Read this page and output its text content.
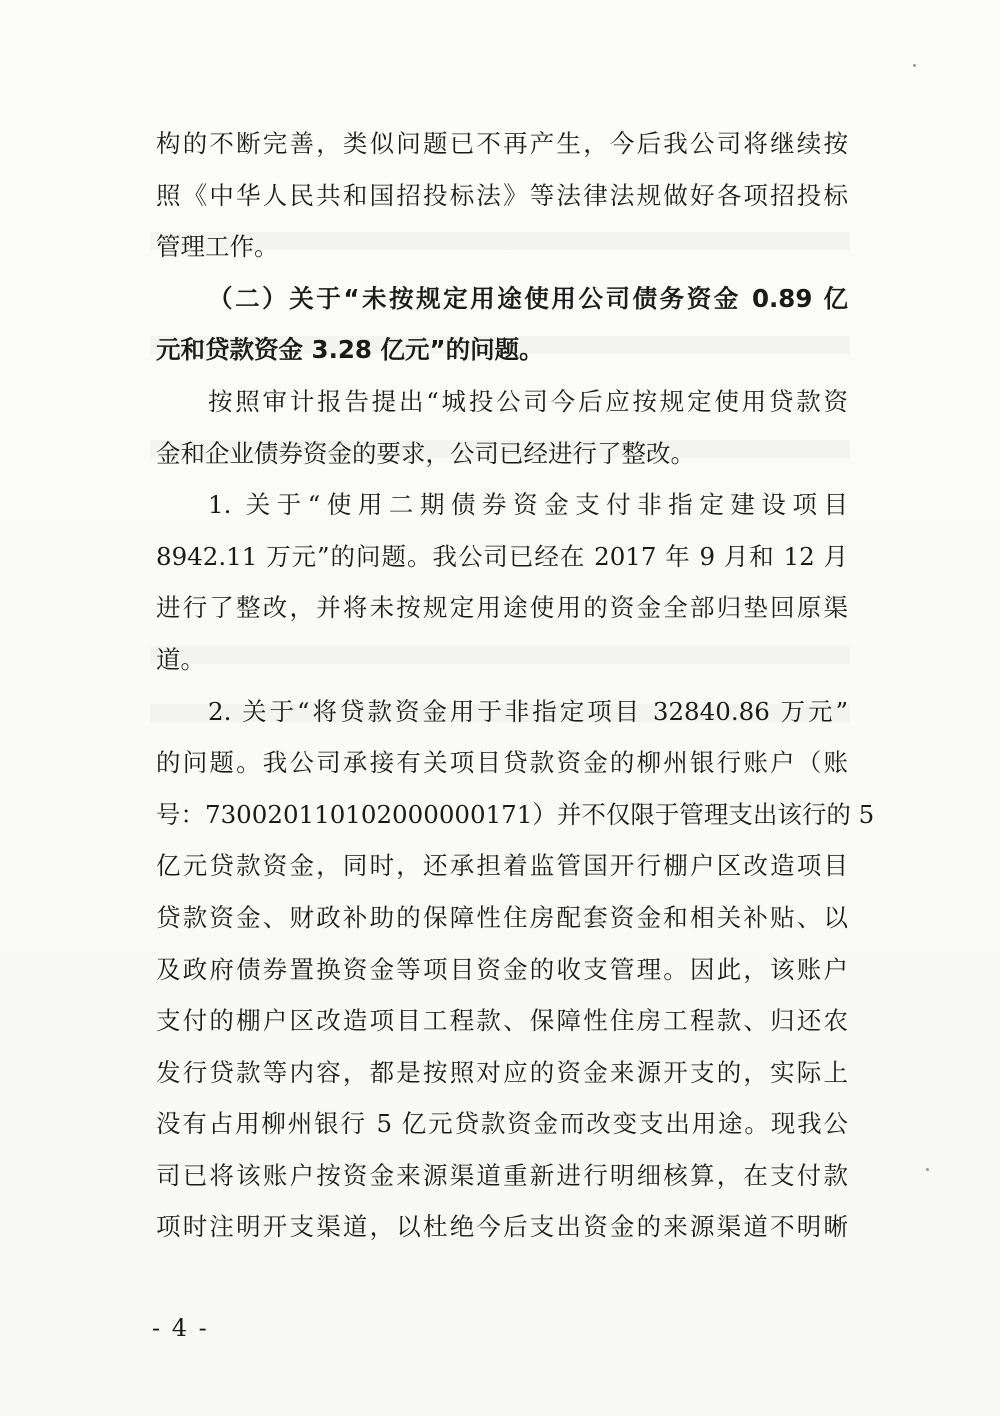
构的不断完善，类似问题已不再产生，今后我公司将继续按
照《中华人民共和国招投标法》等法律法规做好各项招投标
管理工作。
（二）关于“未按规定用途使用公司债务资金 0.89 亿
元和贷款资金 3.28 亿元”的问题。
按照审计报告提出“城投公司今后应按规定使用贷款资
金和企业债券资金的要求，公司已经进行了整改。
1. 关于“使用二期债券资金支付非指定建设项目
8942.11 万元”的问题。我公司已经在 2017 年 9 月和 12 月
进行了整改，并将未按规定用途使用的资金全部归垫回原渠
道。
2. 关于“将贷款资金用于非指定项目 32840.86 万元”
的问题。我公司承接有关项目贷款资金的柳州银行账户（账
号：730020110102000000171）并不仅限于管理支出该行的 5
亿元贷款资金，同时，还承担着监管国开行棚户区改造项目
贷款资金、财政补助的保障性住房配套资金和相关补贴、以
及政府债券置换资金等项目资金的收支管理。因此，该账户
支付的棚户区改造项目工程款、保障性住房工程款、归还农
发行贷款等内容，都是按照对应的资金来源开支的，实际上
没有占用柳州银行 5 亿元贷款资金而改变支出用途。现我公
司已将该账户按资金来源渠道重新进行明细核算，在支付款
项时注明开支渠道，以杜绝今后支出资金的来源渠道不明晰
- 4 -
